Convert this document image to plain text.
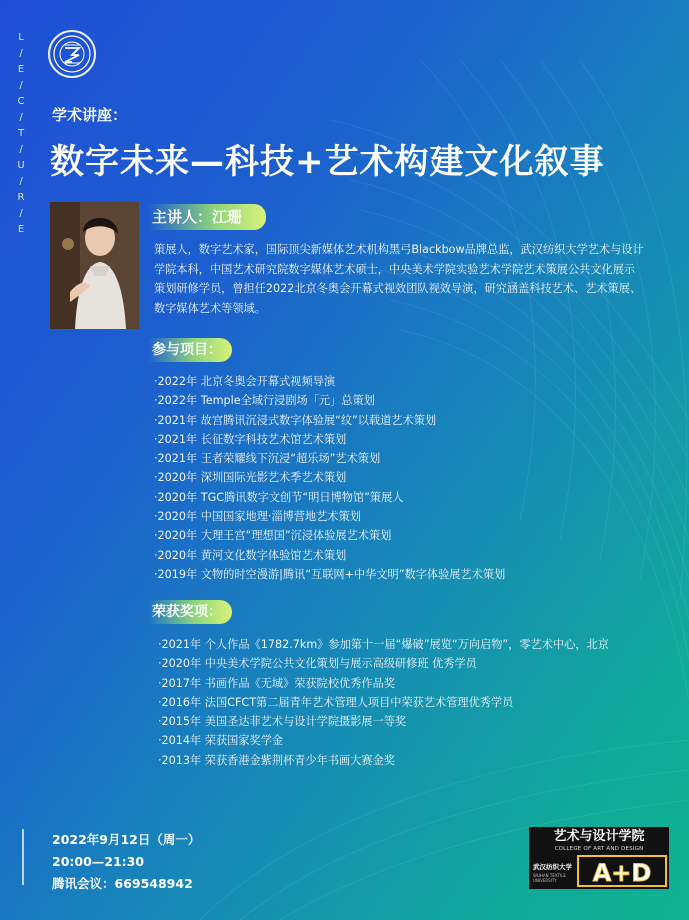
L
/
E
/
C
/
T
/
U
/
R
/
E
学术讲座：
数字未来—科技+艺术构建文化叙事
主讲人：江珊
策展人，数字艺术家，国际顶尖新媒体艺术机构黑弓Blackbow品牌总监，武汉纺织大学艺术与设计学院本科，中国艺术研究院数字媒体艺术硕士，中央美术学院实验艺术学院艺术策展公共文化展示策划研修学员，曾担任2022北京冬奥会开幕式视效团队视效导演，研究涵盖科技艺术、艺术策展、数字媒体艺术等领域。
参与项目：
·2022年 北京冬奥会开幕式视频导演
·2022年 Temple全域行浸剧场「元」总策划
·2021年 故宫腾讯沉浸式数字体验展“纹”以载道艺术策划
·2021年 长征数字科技艺术馆艺术策划
·2021年 王者荣耀线下沉浸“超乐场”艺术策划
·2020年 深圳国际光影艺术季艺术策划
·2020年 TGC腾讯数字文创节“明日博物馆”策展人
·2020年 中国国家地理·淄博营地艺术策划
·2020年 大理王宫“理想国”沉浸体验展艺术策划
·2020年 黄河文化数字体验馆艺术策划
·2019年 文物的时空漫游|腾讯“互联网+中华文明”数字体验展艺术策划
荣获奖项：
·2021年 个人作品《1782.7km》参加第十一届“爆破”展览“万向启物”，零艺术中心，北京
·2020年 中央美术学院公共文化策划与展示高级研修班 优秀学员
·2017年 书画作品《无域》荣获院校优秀作品奖
·2016年 法国CFCT第二届青年艺术管理人项目中荣获艺术管理优秀学员
·2015年 美国圣达菲艺术与设计学院摄影展一等奖
·2014年 荣获国家奖学金
·2013年 荣获香港金紫荆杯青少年书画大赛金奖
2022年9月12日（周一）
20:00—21:30
腾讯会议：669548942
艺术与设计学院
COLLEGE OF ART AND DESIGN
武汉纺织大学
WUHAN TEXTILE UNIVERSITY	A+D
